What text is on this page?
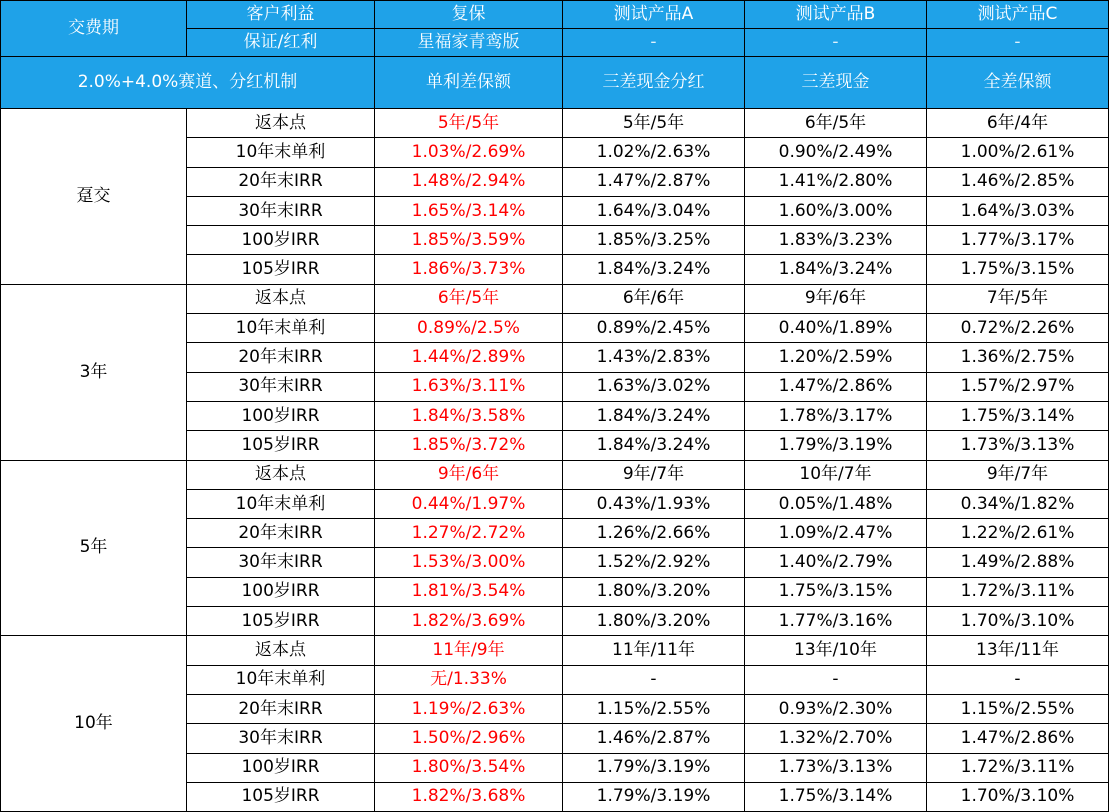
交费期	客户利益	复保	测试产品A	测试产品B	测试产品C
	保证/红利	星福家青鸾版	-	-	-
2.0%+4.0%赛道、分红机制		单利差保额	三差现金分红	三差现金	全差保额
趸交	返本点	5年/5年	5年/5年	6年/5年	6年/4年
	10年末单利	1.03%/2.69%	1.02%/2.63%	0.90%/2.49%	1.00%/2.61%
	20年末IRR	1.48%/2.94%	1.47%/2.87%	1.41%/2.80%	1.46%/2.85%
	30年末IRR	1.65%/3.14%	1.64%/3.04%	1.60%/3.00%	1.64%/3.03%
	100岁IRR	1.85%/3.59%	1.85%/3.25%	1.83%/3.23%	1.77%/3.17%
	105岁IRR	1.86%/3.73%	1.84%/3.24%	1.84%/3.24%	1.75%/3.15%
3年	返本点	6年/5年	6年/6年	9年/6年	7年/5年
	10年末单利	0.89%/2.5%	0.89%/2.45%	0.40%/1.89%	0.72%/2.26%
	20年末IRR	1.44%/2.89%	1.43%/2.83%	1.20%/2.59%	1.36%/2.75%
	30年末IRR	1.63%/3.11%	1.63%/3.02%	1.47%/2.86%	1.57%/2.97%
	100岁IRR	1.84%/3.58%	1.84%/3.24%	1.78%/3.17%	1.75%/3.14%
	105岁IRR	1.85%/3.72%	1.84%/3.24%	1.79%/3.19%	1.73%/3.13%
5年	返本点	9年/6年	9年/7年	10年/7年	9年/7年
	10年末单利	0.44%/1.97%	0.43%/1.93%	0.05%/1.48%	0.34%/1.82%
	20年末IRR	1.27%/2.72%	1.26%/2.66%	1.09%/2.47%	1.22%/2.61%
	30年末IRR	1.53%/3.00%	1.52%/2.92%	1.40%/2.79%	1.49%/2.88%
	100岁IRR	1.81%/3.54%	1.80%/3.20%	1.75%/3.15%	1.72%/3.11%
	105岁IRR	1.82%/3.69%	1.80%/3.20%	1.77%/3.16%	1.70%/3.10%
10年	返本点	11年/9年	11年/11年	13年/10年	13年/11年
	10年末单利	无/1.33%	-	-	-
	20年末IRR	1.19%/2.63%	1.15%/2.55%	0.93%/2.30%	1.15%/2.55%
	30年末IRR	1.50%/2.96%	1.46%/2.87%	1.32%/2.70%	1.47%/2.86%
	100岁IRR	1.80%/3.54%	1.79%/3.19%	1.73%/3.13%	1.72%/3.11%
	105岁IRR	1.82%/3.68%	1.79%/3.19%	1.75%/3.14%	1.70%/3.10%
